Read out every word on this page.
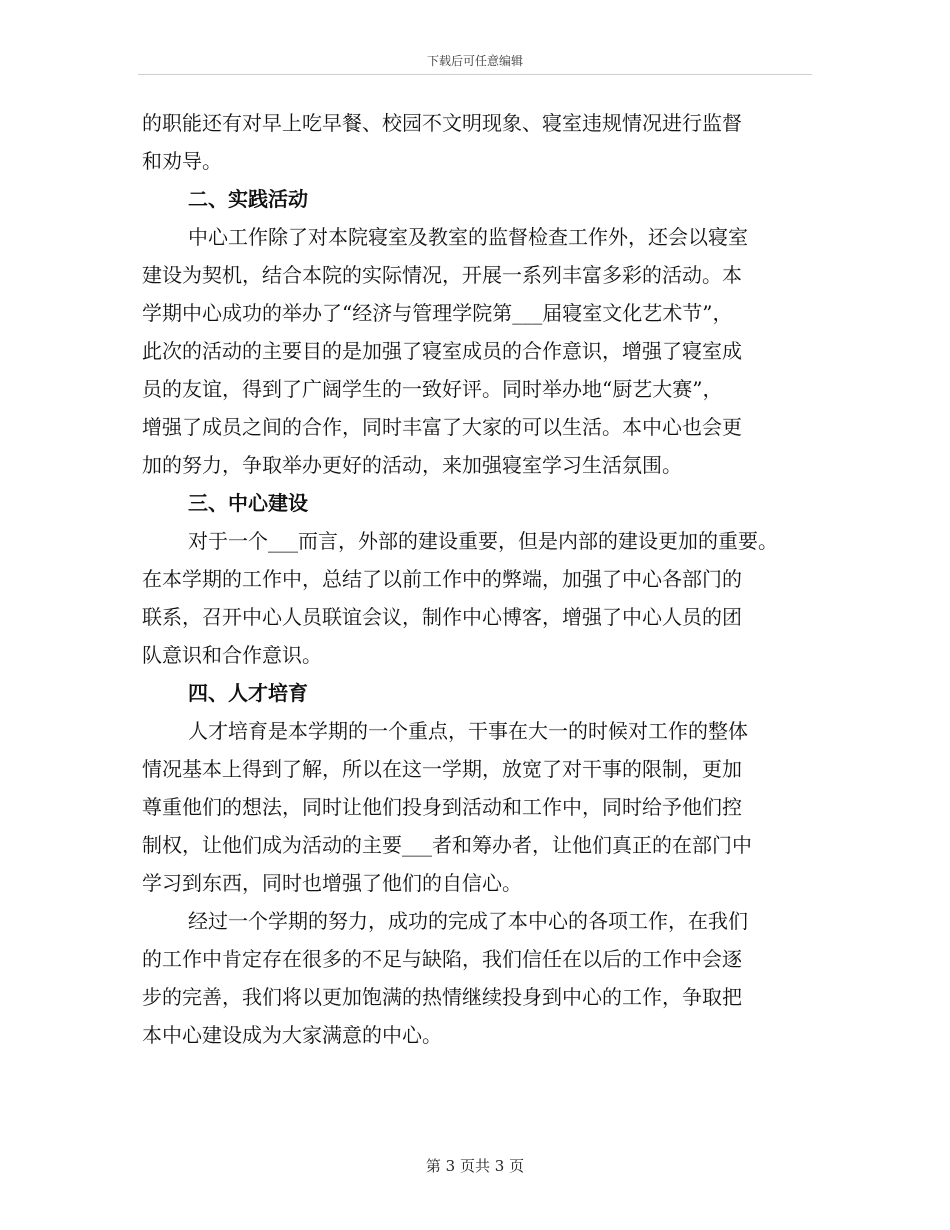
下载后可任意编辑
的职能还有对早上吃早餐、校园不文明现象、寝室违规情况进行监督
和劝导。
二、实践活动
中心工作除了对本院寝室及教室的监督检查工作外，还会以寝室
建设为契机，结合本院的实际情况，开展一系列丰富多彩的活动。本
学期中心成功的举办了“经济与管理学院第___届寝室文化艺术节”，
此次的活动的主要目的是加强了寝室成员的合作意识，增强了寝室成
员的友谊，得到了广阔学生的一致好评。同时举办地“厨艺大赛”，
增强了成员之间的合作，同时丰富了大家的可以生活。本中心也会更
加的努力，争取举办更好的活动，来加强寝室学习生活氛围。
三、中心建设
对于一个___而言，外部的建设重要，但是内部的建设更加的重要。
在本学期的工作中，总结了以前工作中的弊端，加强了中心各部门的
联系，召开中心人员联谊会议，制作中心博客，增强了中心人员的团
队意识和合作意识。
四、人才培育
人才培育是本学期的一个重点，干事在大一的时候对工作的整体
情况基本上得到了解，所以在这一学期，放宽了对干事的限制，更加
尊重他们的想法，同时让他们投身到活动和工作中，同时给予他们控
制权，让他们成为活动的主要___者和筹办者，让他们真正的在部门中
学习到东西，同时也增强了他们的自信心。
经过一个学期的努力，成功的完成了本中心的各项工作，在我们
的工作中肯定存在很多的不足与缺陷，我们信任在以后的工作中会逐
步的完善，我们将以更加饱满的热情继续投身到中心的工作，争取把
本中心建设成为大家满意的中心。
第 3 页共 3 页
